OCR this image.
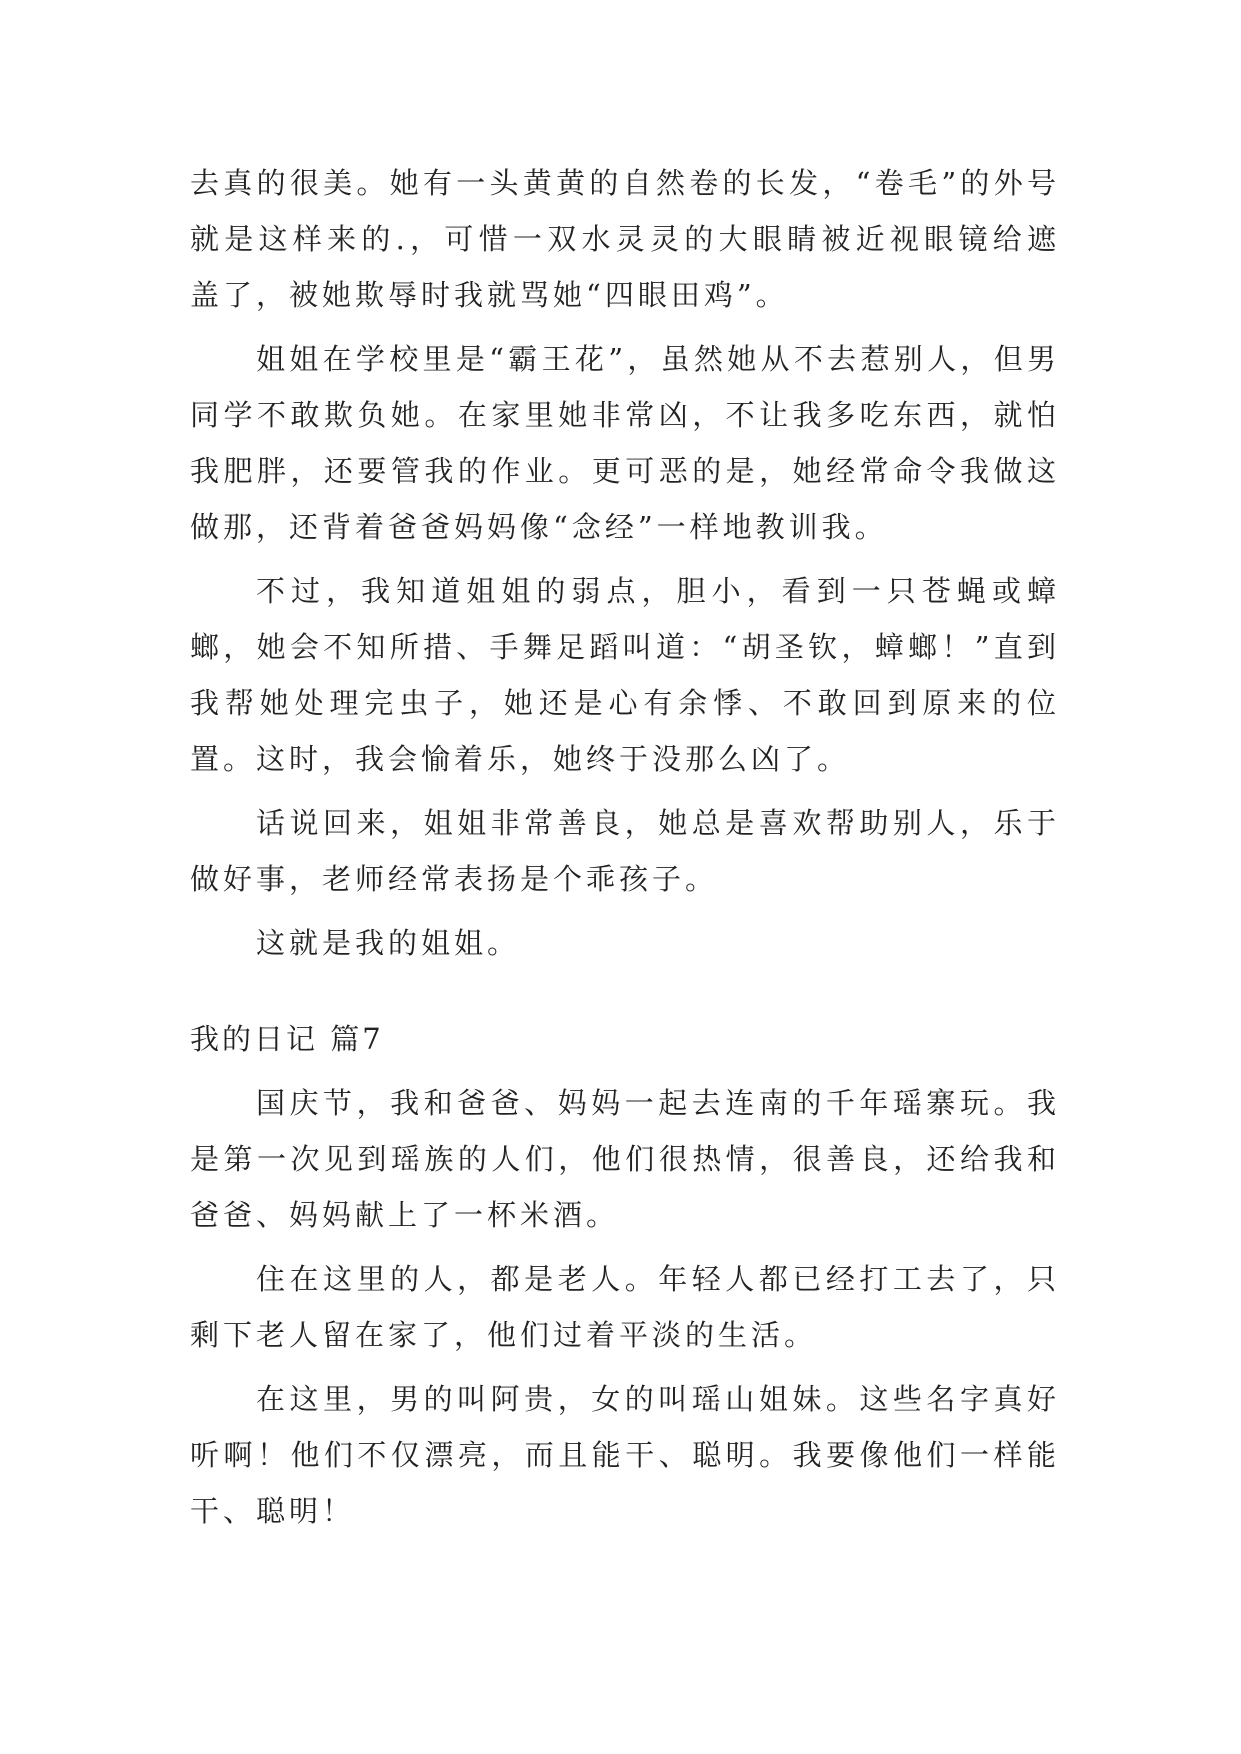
去真的很美。她有一头黄黄的自然卷的长发，“卷毛”的外号就是这样来的.，可惜一双水灵灵的大眼睛被近视眼镜给遮盖了，被她欺辱时我就骂她“四眼田鸡”。

姐姐在学校里是“霸王花”，虽然她从不去惹别人，但男同学不敢欺负她。在家里她非常凶，不让我多吃东西，就怕我肥胖，还要管我的作业。更可恶的是，她经常命令我做这做那，还背着爸爸妈妈像“念经”一样地教训我。

不过，我知道姐姐的弱点，胆小，看到一只苍蝇或蟑螂，她会不知所措、手舞足蹈叫道：“胡圣钦，蟑螂！”直到我帮她处理完虫子，她还是心有余悸、不敢回到原来的位置。这时，我会愉着乐，她终于没那么凶了。

话说回来，姐姐非常善良，她总是喜欢帮助别人，乐于做好事，老师经常表扬是个乖孩子。

这就是我的姐姐。

我的日记 篇7

国庆节，我和爸爸、妈妈一起去连南的千年瑶寨玩。我是第一次见到瑶族的人们，他们很热情，很善良，还给我和爸爸、妈妈献上了一杯米酒。

住在这里的人，都是老人。年轻人都已经打工去了，只剩下老人留在家了，他们过着平淡的生活。

在这里，男的叫阿贵，女的叫瑶山姐妹。这些名字真好听啊！他们不仅漂亮，而且能干、聪明。我要像他们一样能干、聪明！
